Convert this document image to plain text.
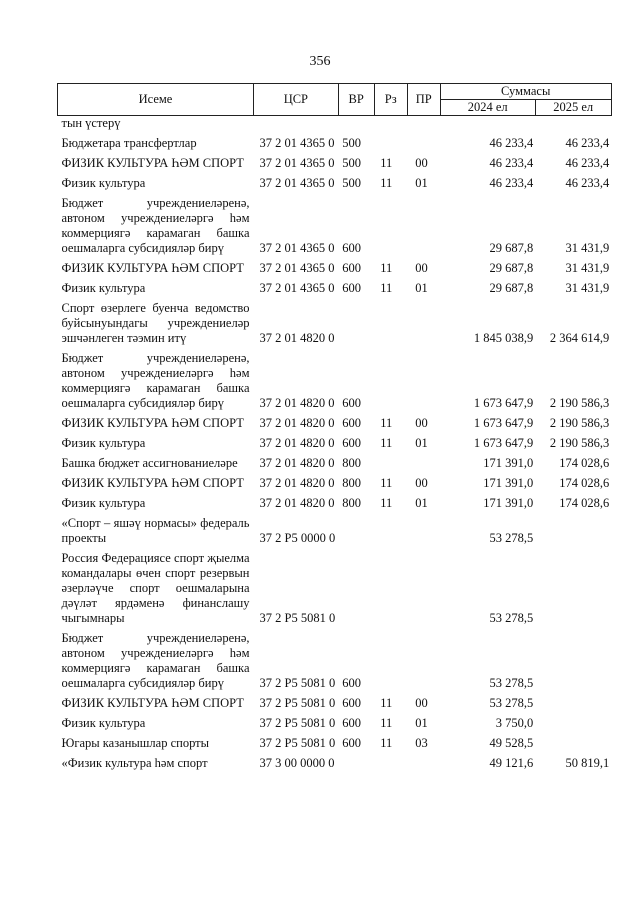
356
Исеме	ЦСР	ВР	Рз	ПР	Суммасы	
					2024 ел	2025 ел
тын үстерү						
Бюджетара трансфертлар	37 2 01 4365 0	500			46 233,4	46 233,4
ФИЗИК КУЛЬТУРА ҺӘМ СПОРТ	37 2 01 4365 0	500	11	00	46 233,4	46 233,4
Физик культура	37 2 01 4365 0	500	11	01	46 233,4	46 233,4
Бюджет учреждениеләренә, автоном учреждениеләргә һәм коммерциягә карамаган башка оешмаларга субсидияләр бирү	37 2 01 4365 0	600			29 687,8	31 431,9
ФИЗИК КУЛЬТУРА ҺӘМ СПОРТ	37 2 01 4365 0	600	11	00	29 687,8	31 431,9
Физик культура	37 2 01 4365 0	600	11	01	29 687,8	31 431,9
Спорт өзерлеге буенча ведомство буйсынуындагы учреждениеләр эшчәнлеген тәэмин итү	37 2 01 4820 0				1 845 038,9	2 364 614,9
Бюджет учреждениеләренә, автоном учреждениеләргә һәм коммерциягә карамаган башка оешмаларга субсидияләр бирү	37 2 01 4820 0	600			1 673 647,9	2 190 586,3
ФИЗИК КУЛЬТУРА ҺӘМ СПОРТ	37 2 01 4820 0	600	11	00	1 673 647,9	2 190 586,3
Физик культура	37 2 01 4820 0	600	11	01	1 673 647,9	2 190 586,3
Башка бюджет ассигнованиеләре	37 2 01 4820 0	800			171 391,0	174 028,6
ФИЗИК КУЛЬТУРА ҺӘМ СПОРТ	37 2 01 4820 0	800	11	00	171 391,0	174 028,6
Физик культура	37 2 01 4820 0	800	11	01	171 391,0	174 028,6
«Спорт – яшәү нормасы» федераль проекты	37 2 Р5 0000 0				53 278,5	
Россия Федерациясе спорт җыелма командалары өчен спорт резервын әзерләүче спорт оешмаларына дәүләт ярдәменә финанслашу чыгымнары	37 2 Р5 5081 0				53 278,5	
Бюджет учреждениеләренә, автоном учреждениеләргә һәм коммерциягә карамаган башка оешмаларга субсидияләр бирү	37 2 Р5 5081 0	600			53 278,5	
ФИЗИК КУЛЬТУРА ҺӘМ СПОРТ	37 2 Р5 5081 0	600	11	00	53 278,5	
Физик культура	37 2 Р5 5081 0	600	11	01	3 750,0	
Югары казанышлар спорты	37 2 Р5 5081 0	600	11	03	49 528,5	
«Физик культура һәм спорт	37 3 00 0000 0				49 121,6	50 819,1
